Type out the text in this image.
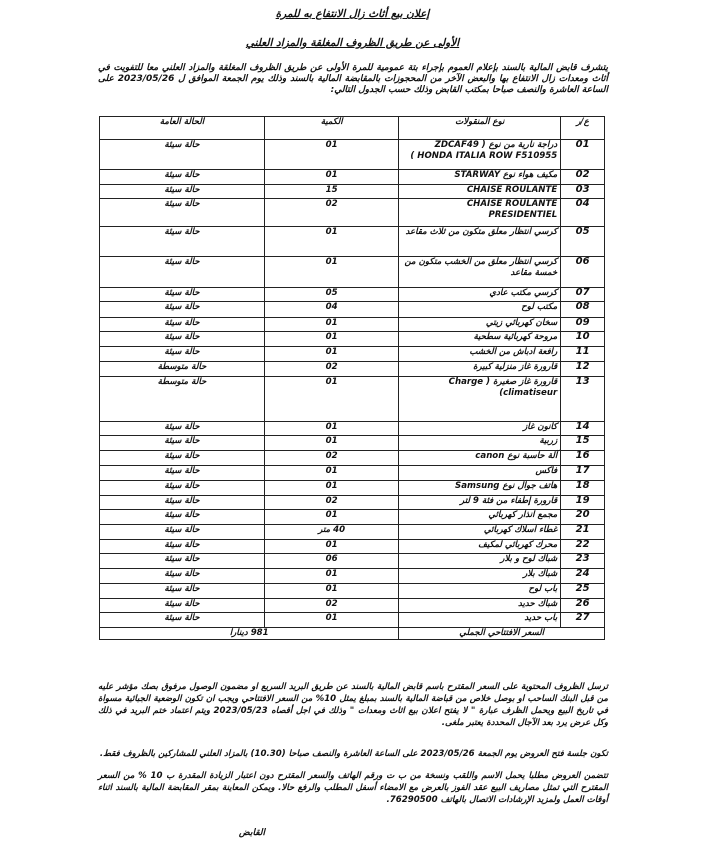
إعلان بيع أثاث زال الانتفاع به للمرة
الأولى عن طريق الظروف المغلقة والمزاد العلني
يتشرف قابض المالية بالسند بإعلام العموم بإجراء بتة عمومية للمرة الأولى عن طريق الظروف المغلقة والمزاد العلني معا للتفويت في أثاث ومعدات زال الانتفاع بها والبعض الآخر من المحجوزات بالمقابضة المالية بالسند وذلك يوم الجمعة الموافق ل 2023/05/26 على الساعة العاشرة والنصف صباحا بمكتب القابض وذلك حسب الجدول التالي:
ع/ر	نوع المنقولات	الكمية	الحالة العامة
01	دراجة نارية من نوع ( ZDCAF49 HONDA ITALIA ROW F510955 )	01	حالة سيئة
02	مكيف هواء نوع STARWAY	01	حالة سيئة
03	CHAISE ROULANTE	15	حالة سيئة
04	CHAISE ROULANTE PRESIDENTIEL	02	حالة سيئة
05	كرسي انتظار معلق متكون من ثلاث مقاعد	01	حالة سيئة
06	كرسي انتظار معلق من الخشب متكون من خمسة مقاعد	01	حالة سيئة
07	كرسي مكتب عادي	05	حالة سيئة
08	مكتب لوح	04	حالة سيئة
09	سخان كهربائي زيتي	01	حالة سيئة
10	مروحة كهربائية سطحية	01	حالة سيئة
11	رافعة ادباش من الخشب	01	حالة سيئة
12	قارورة غاز منزلية كبيرة	02	حالة متوسطة
13	قارورة غاز صغيرة ( Charge climatiseur)	01	حالة متوسطة
14	كانون غاز	01	حالة سيئة
15	زربية	01	حالة سيئة
16	آلة حاسبة نوع canon	02	حالة سيئة
17	فاكس	01	حالة سيئة
18	هاتف جوال نوع Samsung	01	حالة سيئة
19	قارورة إطفاء من فئة 9 لتر	02	حالة سيئة
20	مجمع انذار كهربائي	01	حالة سيئة
21	غطاء اسلاك كهربائي	40 متر	حالة سيئة
22	محرك كهربائي لمكيف	01	حالة سيئة
23	شباك لوح و بلار	06	حالة سيئة
24	شباك بلار	01	حالة سيئة
25	باب لوح	01	حالة سيئة
26	شباك حديد	02	حالة سيئة
27	باب حديد	01	حالة سيئة
السعر الافتتاحي الجملي		981 دينارا	
ترسل الظروف المحتوية على السعر المقترح باسم قابض المالية بالسند عن طريق البريد السريع او مضمون الوصول مرفوق بصك مؤشر عليه من قبل البنك الساحب او بوصل خلاص من قباضة المالية بالسند بمبلغ يمثل 10% من السعر الافتتاحي ويجب ان تكون الوضعية الجبائية مسواة في تاريخ البيع ويحمل الظرف عبارة " لا يفتح اعلان بيع اثاث ومعدات " وذلك في اجل أقصاه 2023/05/23 ويتم اعتماد ختم البريد في ذلك وكل عرض يرد بعد الآجال المحددة يعتبر ملغى.
تكون جلسة فتح العروض يوم الجمعة 2023/05/26 على الساعة العاشرة والنصف صباحا (10.30) بالمزاد العلني للمشاركين بالظروف فقط.
تتضمن العروض مطلبا يحمل الاسم واللقب ونسخة من ب ت ورقم الهاتف والسعر المقترح دون اعتبار الزيادة المقدرة ب 10 % من السعر المقترح التي تمثل مصاريف البيع عقد الفوز بالعرض مع الامضاء أسفل المطلب والرفع حالا. ويمكن المعاينة بمقر المقابضة المالية بالسند اثناء أوقات العمل ولمزيد الإرشادات الاتصال بالهاتف 76290500.
القابض
